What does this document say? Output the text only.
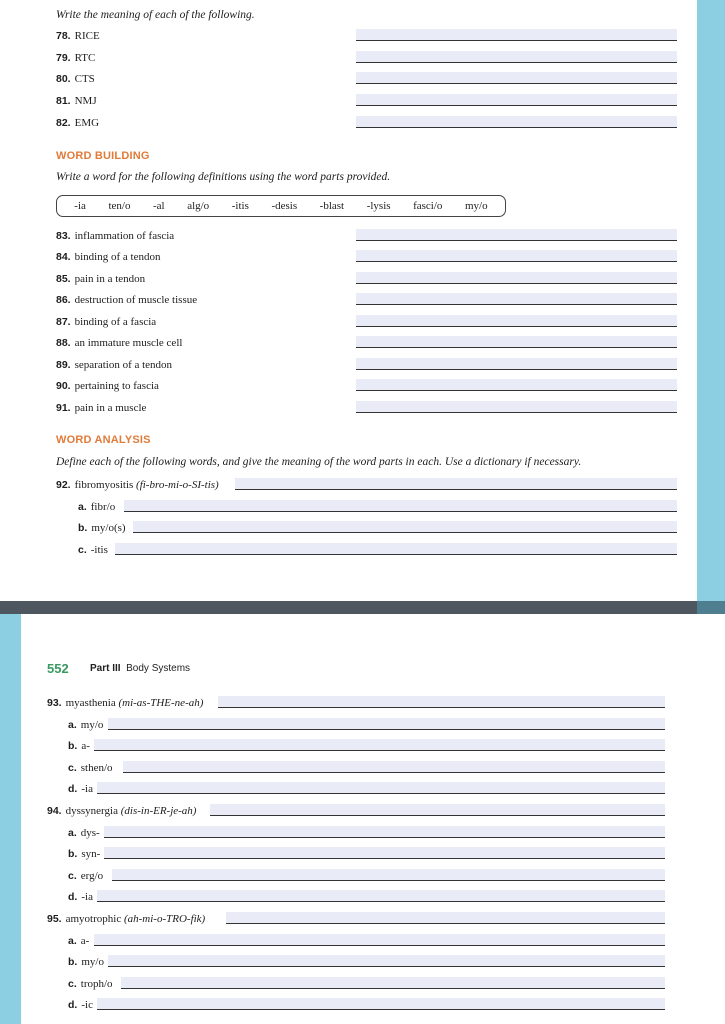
Write the meaning of each of the following.
78. RICE
79. RTC
80. CTS
81. NMJ
82. EMG
WORD BUILDING
Write a word for the following definitions using the word parts provided.
-ia ten/o -al alg/o -itis -desis -blast -lysis fasci/o my/o
83. inflammation of fascia
84. binding of a tendon
85. pain in a tendon
86. destruction of muscle tissue
87. binding of a fascia
88. an immature muscle cell
89. separation of a tendon
90. pertaining to fascia
91. pain in a muscle
WORD ANALYSIS
Define each of the following words, and give the meaning of the word parts in each. Use a dictionary if necessary.
92. fibromyositis (fi-bro-mi-o-SI-tis)
a. fibr/o
b. my/o(s)
c. -itis
552 Part III Body Systems
93. myasthenia (mi-as-THE-ne-ah)
a. my/o
b. a-
c. sthen/o
d. -ia
94. dyssynergia (dis-in-ER-je-ah)
a. dys-
b. syn-
c. erg/o
d. -ia
95. amyotrophic (ah-mi-o-TRO-fik)
a. a-
b. my/o
c. troph/o
d. -ic
